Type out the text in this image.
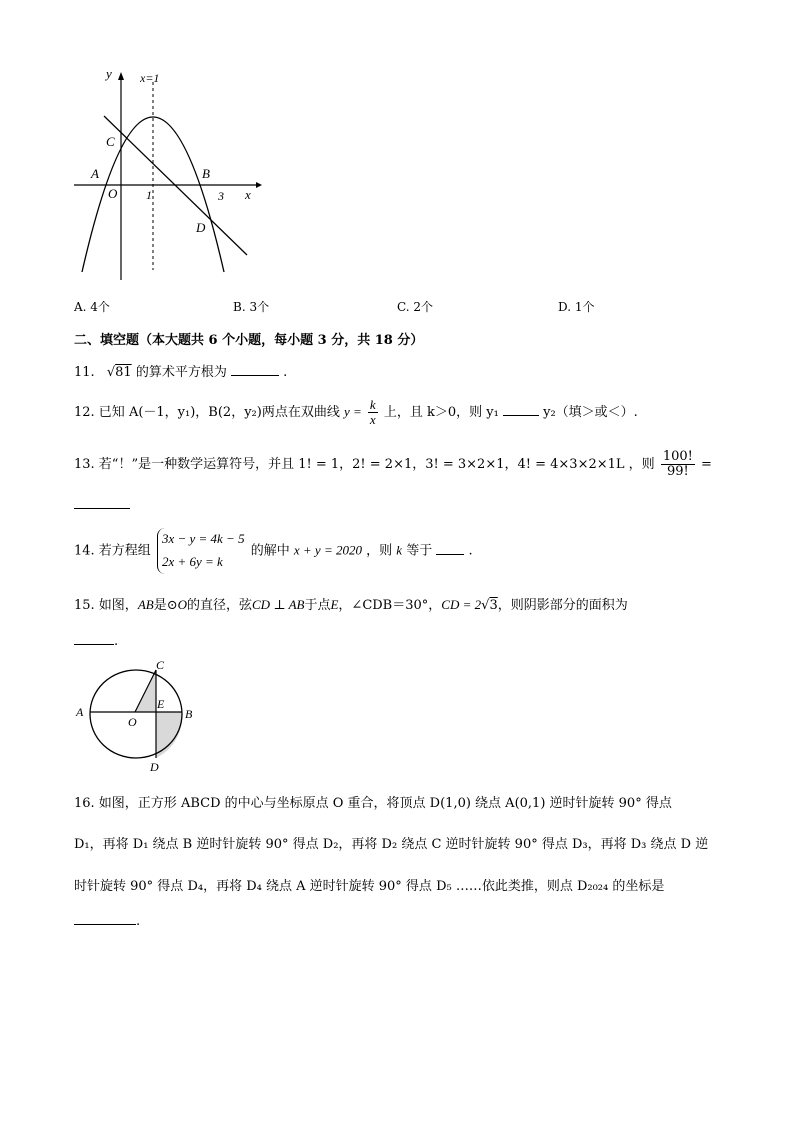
y
x
x=1
C
A
O 1
B
3
D
A. 4个	B. 3个	C. 2个	D. 1个
二、填空题（本大题共 6 个小题，每小题 3 分，共 18 分）
11. √81 的算术平方根为	.
12. 已知 A(－1，y₁)，B(2，y₂)两点在双曲线 $y = \frac{k}{x}$ 上，且 k＞0，则 y₁	y₂（填＞或＜）.
13. 若“！”是一种数学运算符号，并且 1! = 1，2! = 2×1，3! = 3×2×1，4! = 4×3×2×1L ，则 $\frac{100!}{99!}$ =
14. 若方程组 3x − y = 4k − 5
2x + 6y = k 的解中 x + y = 2020 ，则 k 等于	.
15. 如图，AB是⊙O的直径，弦CD ⊥ AB于点E，∠CDB＝30°，CD = 2√3，则阴影部分的面积为
.
C
A	B
E
O
D
16. 如图，正方形 ABCD 的中心与坐标原点 O 重合，将顶点 D(1,0) 绕点 A(0,1) 逆时针旋转 90° 得点
D₁，再将 D₁ 绕点 B 逆时针旋转 90° 得点 D₂，再将 D₂ 绕点 C 逆时针旋转 90° 得点 D₃，再将 D₃ 绕点 D 逆
时针旋转 90° 得点 D₄，再将 D₄ 绕点 A 逆时针旋转 90° 得点 D₅ ……依此类推，则点 D₂₀₂₄ 的坐标是
.
